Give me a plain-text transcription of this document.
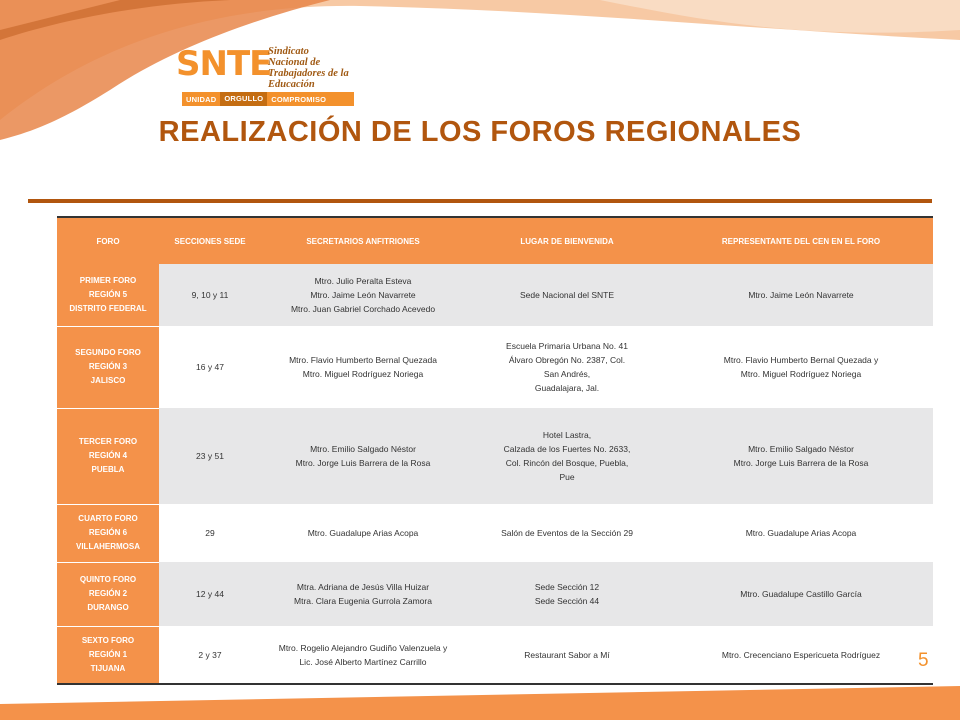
SNTE
Sindicato
Nacional de
Trabajadores de la
Educación
UNIDAD	ORGULLO	COMPROMISO
REALIZACIÓN DE LOS FOROS REGIONALES
FORO	SECCIONES SEDE	SECRETARIOS ANFITRIONES	LUGAR DE BIENVENIDA	REPRESENTANTE DEL CEN EN EL FORO

PRIMER FORO
REGIÓN 5
DISTRITO FEDERAL	9, 10 y 11	Mtro. Julio Peralta Esteva
Mtro. Jaime León Navarrete
Mtro. Juan Gabriel Corchado Acevedo	Sede Nacional del SNTE	Mtro. Jaime León Navarrete

SEGUNDO FORO
REGIÓN 3
JALISCO	16 y 47	Mtro. Flavio Humberto Bernal Quezada
Mtro. Miguel Rodríguez Noriega	Escuela Primaria Urbana No. 41
Álvaro Obregón No. 2387, Col.
San Andrés,
Guadalajara, Jal.	Mtro. Flavio Humberto Bernal Quezada y
Mtro. Miguel Rodríguez Noriega

TERCER FORO
REGIÓN 4
PUEBLA	23 y 51	Mtro. Emilio Salgado Néstor
Mtro. Jorge Luis Barrera de la Rosa	Hotel Lastra,
Calzada de los Fuertes No. 2633,
Col. Rincón del Bosque, Puebla,
Pue	Mtro. Emilio Salgado Néstor
Mtro. Jorge Luis Barrera de la Rosa

CUARTO FORO
REGIÓN 6
VILLAHERMOSA	29	Mtro. Guadalupe Arias Acopa	Salón de Eventos de la Sección 29	Mtro. Guadalupe Arias Acopa

QUINTO FORO
REGIÓN 2
DURANGO	12 y 44	Mtra. Adriana de Jesús Villa Huizar
Mtra. Clara Eugenia Gurrola Zamora	Sede Sección 12
Sede Sección 44	Mtro. Guadalupe Castillo García

SEXTO FORO
REGIÓN 1
TIJUANA	2 y 37	Mtro. Rogelio Alejandro Gudiño Valenzuela y
Lic. José Alberto Martínez Carrillo	Restaurant Sabor a Mí	Mtro. Crecenciano Espericueta Rodríguez	5
